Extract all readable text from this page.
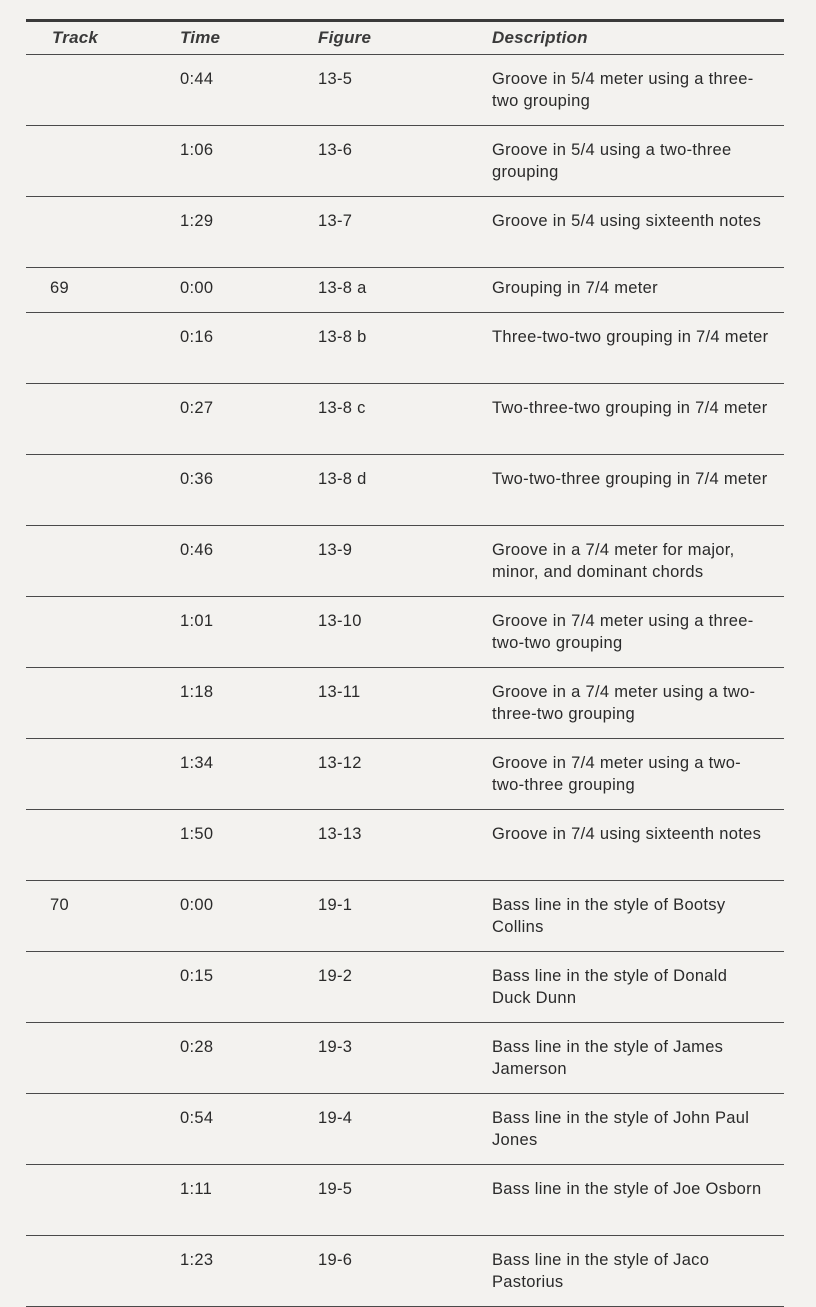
Track	Time	Figure	Description
	0:44	13-5	Groove in 5/4 meter using a three-two grouping
	1:06	13-6	Groove in 5/4 using a two-three grouping
	1:29	13-7	Groove in 5/4 using sixteenth notes
69	0:00	13-8 a	Grouping in 7/4 meter
	0:16	13-8 b	Three-two-two grouping in 7/4 meter
	0:27	13-8 c	Two-three-two grouping in 7/4 meter
	0:36	13-8 d	Two-two-three grouping in 7/4 meter
	0:46	13-9	Groove in a 7/4 meter for major, minor, and dominant chords
	1:01	13-10	Groove in 7/4 meter using a three-two-two grouping
	1:18	13-11	Groove in a 7/4 meter using a two-three-two grouping
	1:34	13-12	Groove in 7/4 meter using a two-two-three grouping
	1:50	13-13	Groove in 7/4 using sixteenth notes
70	0:00	19-1	Bass line in the style of Bootsy Collins
	0:15	19-2	Bass line in the style of Donald Duck Dunn
	0:28	19-3	Bass line in the style of James Jamerson
	0:54	19-4	Bass line in the style of John Paul Jones
	1:11	19-5	Bass line in the style of Joe Osborn
	1:23	19-6	Bass line in the style of Jaco Pastorius
